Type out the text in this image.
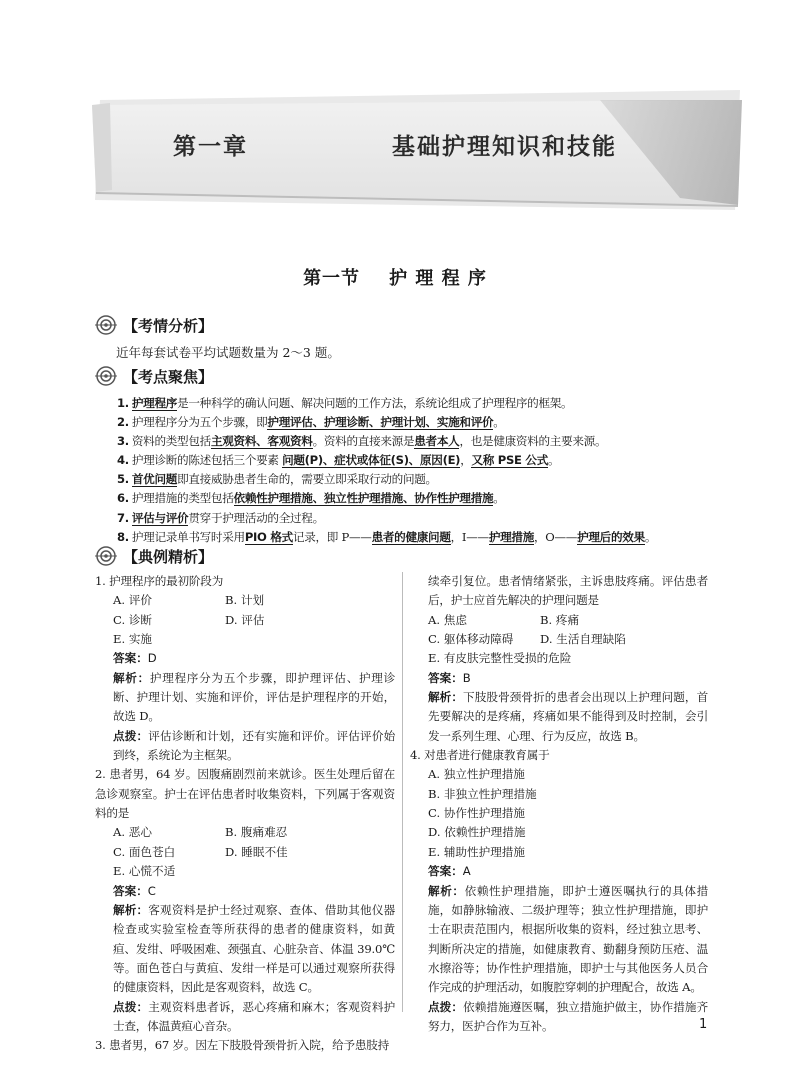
第一章    基础护理知识和技能
第一节    护 理 程 序
【考情分析】
近年每套试卷平均试题数量为 2～3 题。
【考点聚焦】
1. 护理程序是一种科学的确认问题、解决问题的工作方法，系统论组成了护理程序的框架。
2. 护理程序分为五个步骤，即护理评估、护理诊断、护理计划、实施和评价。
3. 资料的类型包括主观资料、客观资料。资料的直接来源是患者本人，也是健康资料的主要来源。
4. 护理诊断的陈述包括三个要素 问题(P)、症状或体征(S)、原因(E)，又称 PSE 公式。
5. 首优问题即直接威胁患者生命的，需要立即采取行动的问题。
6. 护理措施的类型包括依赖性护理措施、独立性护理措施、协作性护理措施。
7. 评估与评价贯穿于护理活动的全过程。
8. 护理记录单书写时采用PIO 格式记录，即 P——患者的健康问题，I——护理措施，O——护理后的效果。
【典例精析】
1. 护理程序的最初阶段为
A. 评价	B. 计划
C. 诊断	D. 评估
E. 实施
答案：D
解析：护理程序分为五个步骤，即护理评估、护理诊断、护理计划、实施和评价，评估是护理程序的开始，故选 D。
点拨：评估诊断和计划，还有实施和评价。评估评价始到终，系统论为主框架。
2. 患者男，64 岁。因腹痛剧烈前来就诊。医生处理后留在急诊观察室。护士在评估患者时收集资料，下列属于客观资料的是
A. 恶心	B. 腹痛难忍
C. 面色苍白	D. 睡眠不佳
E. 心慌不适
答案：C
解析：客观资料是护士经过观察、查体、借助其他仪器检查或实验室检查等所获得的患者的健康资料，如黄疸、发绀、呼吸困难、颈强直、心脏杂音、体温 39.0℃等。面色苍白与黄疸、发绀一样是可以通过观察所获得的健康资料，因此是客观资料，故选 C。
点拨：主观资料患者诉，恶心疼痛和麻木；客观资料护士查，体温黄疸心音杂。
3. 患者男，67 岁。因左下肢股骨颈骨折入院，给予患肢持
续牵引复位。患者情绪紧张，主诉患肢疼痛。评估患者后，护士应首先解决的护理问题是
A. 焦虑	B. 疼痛
C. 躯体移动障碍	D. 生活自理缺陷
E. 有皮肤完整性受损的危险
答案：B
解析：下肢股骨颈骨折的患者会出现以上护理问题，首先要解决的是疼痛，疼痛如果不能得到及时控制，会引发一系列生理、心理、行为反应，故选 B。
4. 对患者进行健康教育属于
A. 独立性护理措施
B. 非独立性护理措施
C. 协作性护理措施
D. 依赖性护理措施
E. 辅助性护理措施
答案：A
解析：依赖性护理措施，即护士遵医嘱执行的具体措施，如静脉输液、二级护理等；独立性护理措施，即护士在职责范围内，根据所收集的资料，经过独立思考、判断所决定的措施，如健康教育、勤翻身预防压疮、温水擦浴等；协作性护理措施，即护士与其他医务人员合作完成的护理活动，如腹腔穿刺的护理配合，故选 A。
点拨：依赖措施遵医嘱，独立措施护做主，协作措施齐努力，医护合作为互补。	1
